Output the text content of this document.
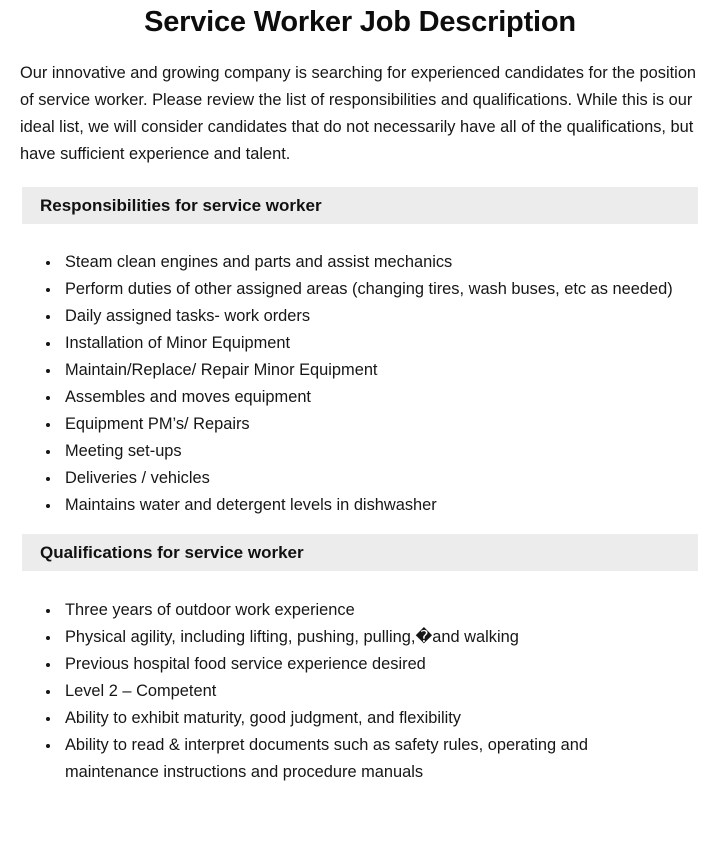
Service Worker Job Description

Our innovative and growing company is searching for experienced candidates for the position of service worker. Please review the list of responsibilities and qualifications. While this is our ideal list, we will consider candidates that do not necessarily have all of the qualifications, but have sufficient experience and talent.

Responsibilities for service worker
• Steam clean engines and parts and assist mechanics
• Perform duties of other assigned areas (changing tires, wash buses, etc as needed)
• Daily assigned tasks- work orders
• Installation of Minor Equipment
• Maintain/Replace/ Repair Minor Equipment
• Assembles and moves equipment
• Equipment PM’s/ Repairs
• Meeting set-ups
• Deliveries / vehicles
• Maintains water and detergent levels in dishwasher
Qualifications for service worker
• Three years of outdoor work experience
• Physical agility, including lifting, pushing, pulling,�and walking
• Previous hospital food service experience desired
• Level 2 – Competent
• Ability to exhibit maturity, good judgment, and flexibility
• Ability to read & interpret documents such as safety rules, operating and maintenance instructions and procedure manuals
